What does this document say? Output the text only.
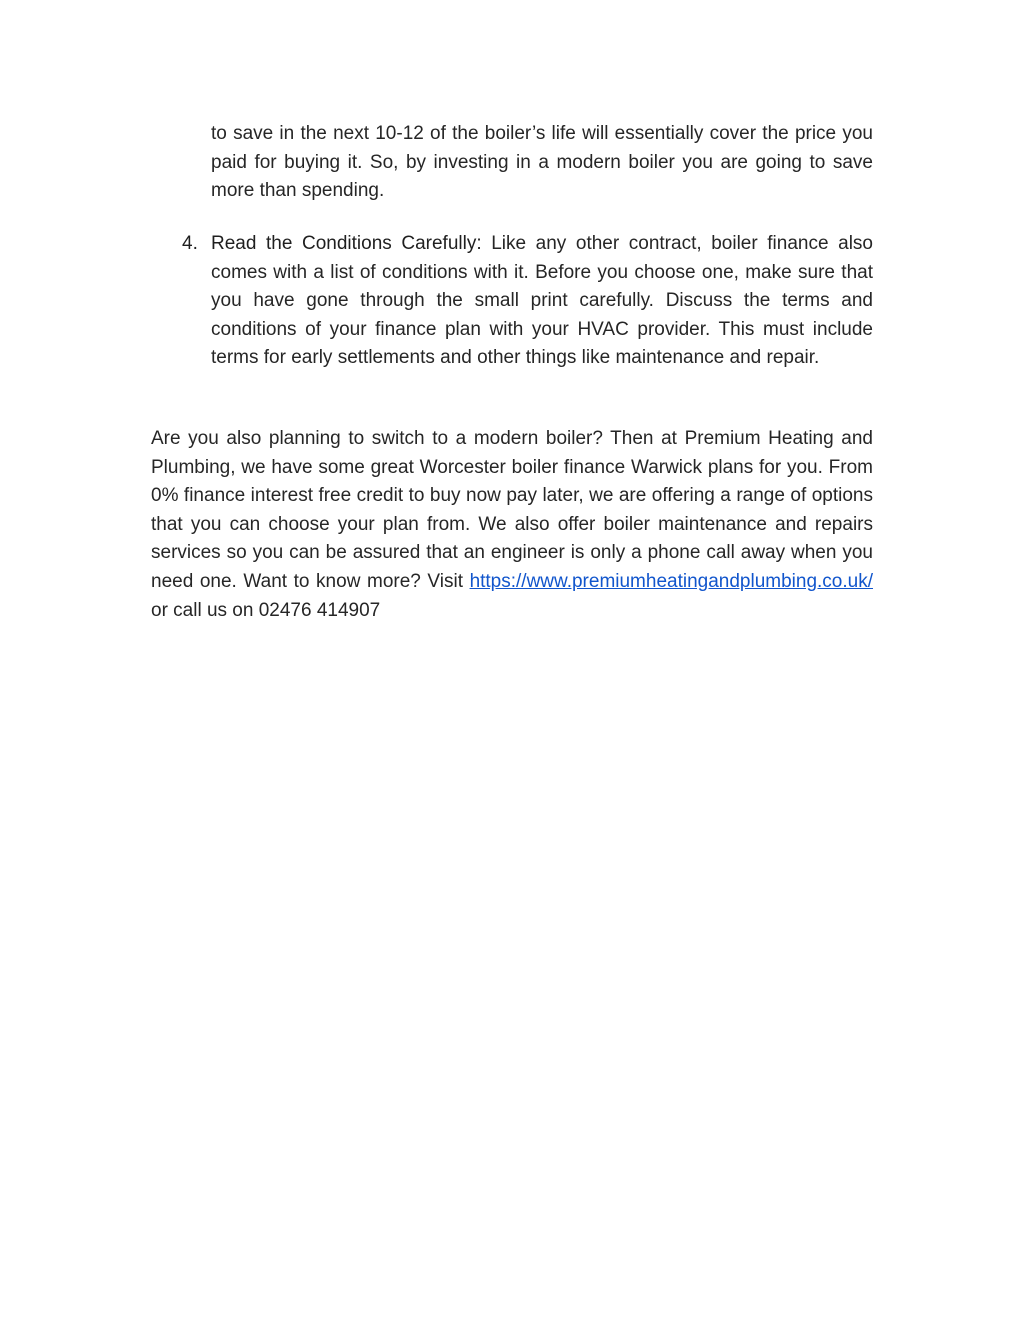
to save in the next 10-12 of the boiler’s life will essentially cover the price you paid for buying it. So, by investing in a modern boiler you are going to save more than spending.

4. Read the Conditions Carefully: Like any other contract, boiler finance also comes with a list of conditions with it. Before you choose one, make sure that you have gone through the small print carefully. Discuss the terms and conditions of your finance plan with your HVAC provider. This must include terms for early settlements and other things like maintenance and repair.

Are you also planning to switch to a modern boiler? Then at Premium Heating and Plumbing, we have some great Worcester boiler finance Warwick plans for you. From 0% finance interest free credit to buy now pay later, we are offering a range of options that you can choose your plan from. We also offer boiler maintenance and repairs services so you can be assured that an engineer is only a phone call away when you need one. Want to know more? Visit https://www.premiumheatingandplumbing.co.uk/ or call us on 02476 414907
